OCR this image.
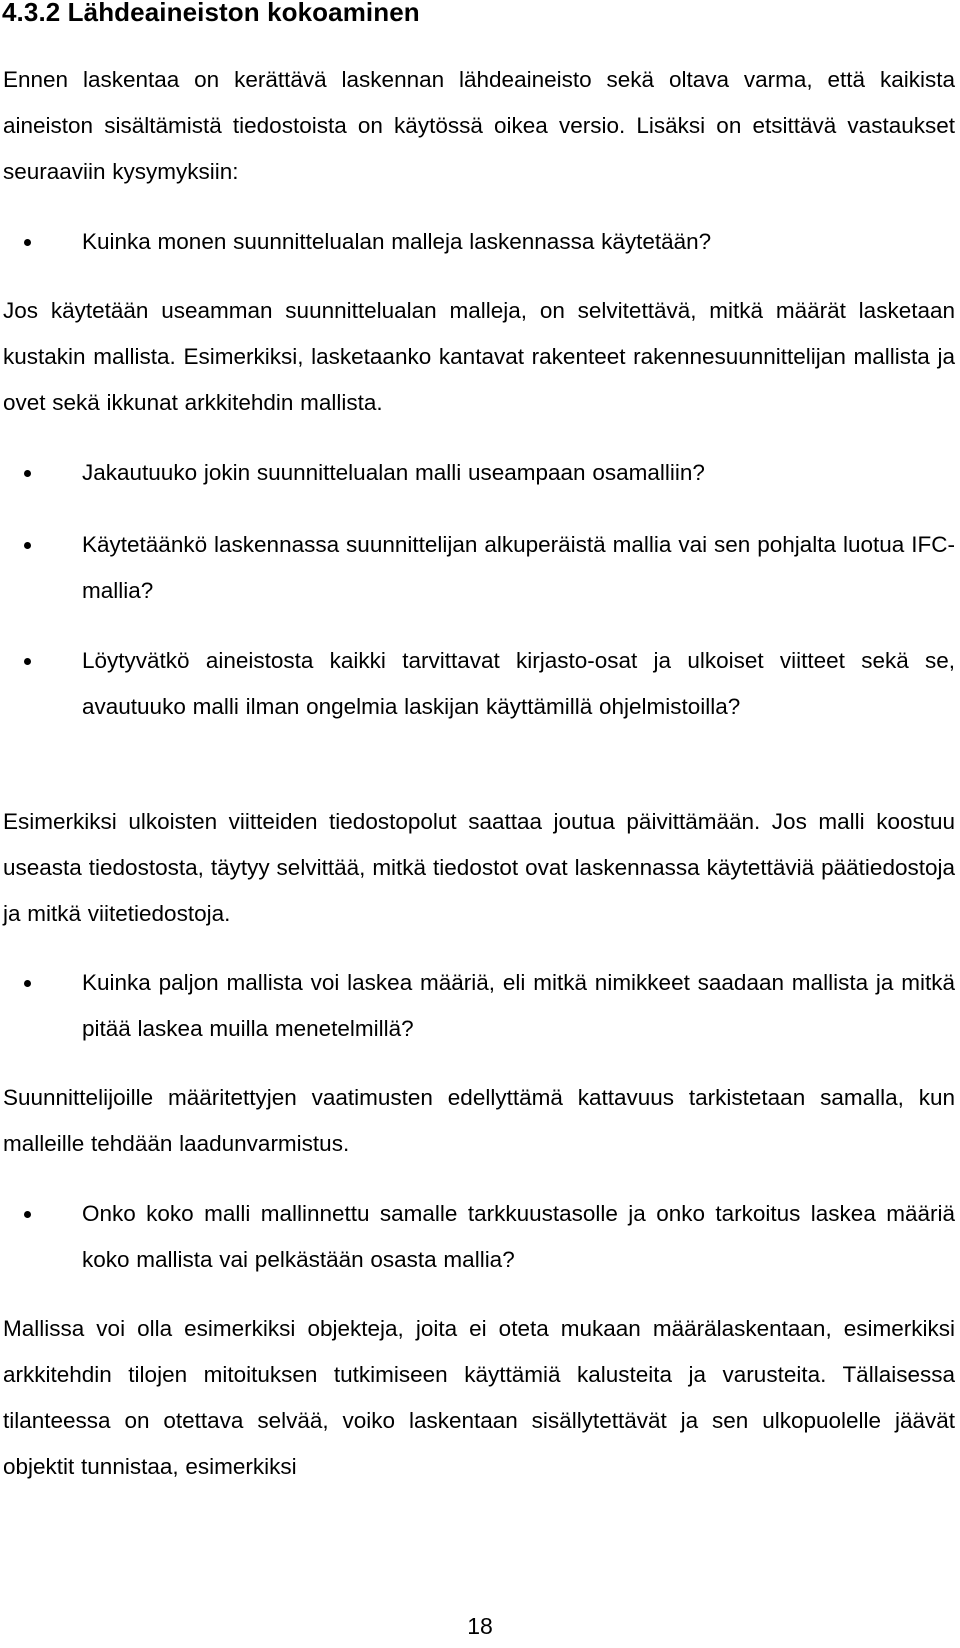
4.3.2 Lähdeaineiston kokoaminen

Ennen laskentaa on kerättävä laskennan lähdeaineisto sekä oltava varma, että kaikista aineiston sisältämistä tiedostoista on käytössä oikea versio. Lisäksi on etsittävä vastaukset seuraaviin kysymyksiin:

Kuinka monen suunnittelualan malleja laskennassa käytetään?

Jos käytetään useamman suunnittelualan malleja, on selvitettävä, mitkä määrät lasketaan kustakin mallista. Esimerkiksi, lasketaanko kantavat rakenteet rakennesuunnittelijan mallista ja ovet sekä ikkunat arkkitehdin mallista.

Jakautuuko jokin suunnittelualan malli useampaan osamalliin?
Käytetäänkö laskennassa suunnittelijan alkuperäistä mallia vai sen pohjalta luotua IFC-mallia?
Löytyvätkö aineistosta kaikki tarvittavat kirjasto-osat ja ulkoiset viitteet sekä se, avautuuko malli ilman ongelmia laskijan käyttämillä ohjelmistoilla?

Esimerkiksi ulkoisten viitteiden tiedostopolut saattaa joutua päivittämään. Jos malli koostuu useasta tiedostosta, täytyy selvittää, mitkä tiedostot ovat laskennassa käytettäviä päätiedostoja ja mitkä viitetiedostoja.

Kuinka paljon mallista voi laskea määriä, eli mitkä nimikkeet saadaan mallista ja mitkä pitää laskea muilla menetelmillä?

Suunnittelijoille määritettyjen vaatimusten edellyttämä kattavuus tarkistetaan samalla, kun malleille tehdään laadunvarmistus.

Onko koko malli mallinnettu samalle tarkkuustasolle ja onko tarkoitus laskea määriä koko mallista vai pelkästään osasta mallia?

Mallissa voi olla esimerkiksi objekteja, joita ei oteta mukaan määrälaskentaan, esimerkiksi arkkitehdin tilojen mitoituksen tutkimiseen käyttämiä kalusteita ja varusteita. Tällaisessa tilanteessa on otettava selvää, voiko laskentaan sisällytettävät ja sen ulkopuolelle jäävät objektit tunnistaa, esimerkiksi

18
